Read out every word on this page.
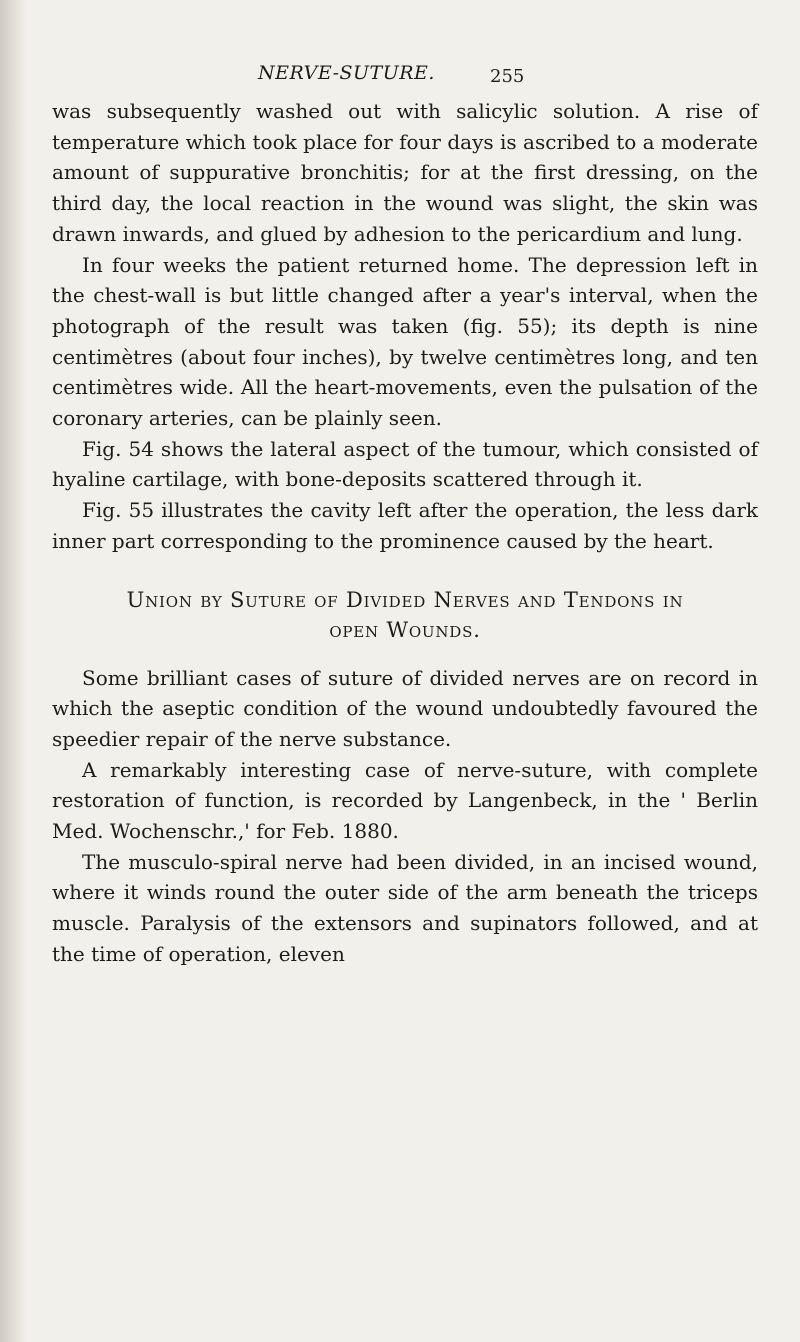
NERVE-SUTURE.	255

was subsequently washed out with salicylic solution. A rise of temperature which took place for four days is ascribed to a moderate amount of suppurative bronchitis; for at the first dressing, on the third day, the local reaction in the wound was slight, the skin was drawn inwards, and glued by adhesion to the pericardium and lung.

In four weeks the patient returned home. The depression left in the chest-wall is but little changed after a year's interval, when the photograph of the result was taken (fig. 55); its depth is nine centimètres (about four inches), by twelve centimètres long, and ten centimètres wide. All the heart-movements, even the pulsation of the coronary arteries, can be plainly seen.

Fig. 54 shows the lateral aspect of the tumour, which consisted of hyaline cartilage, with bone-deposits scattered through it.

Fig. 55 illustrates the cavity left after the operation, the less dark inner part corresponding to the prominence caused by the heart.

Union by Suture of Divided Nerves and Tendons in
open Wounds.

Some brilliant cases of suture of divided nerves are on record in which the aseptic condition of the wound undoubtedly favoured the speedier repair of the nerve substance.

A remarkably interesting case of nerve-suture, with complete restoration of function, is recorded by Langenbeck, in the ' Berlin Med. Wochenschr.,' for Feb. 1880.

The musculo-spiral nerve had been divided, in an incised wound, where it winds round the outer side of the arm beneath the triceps muscle. Paralysis of the extensors and supinators followed, and at the time of operation, eleven
